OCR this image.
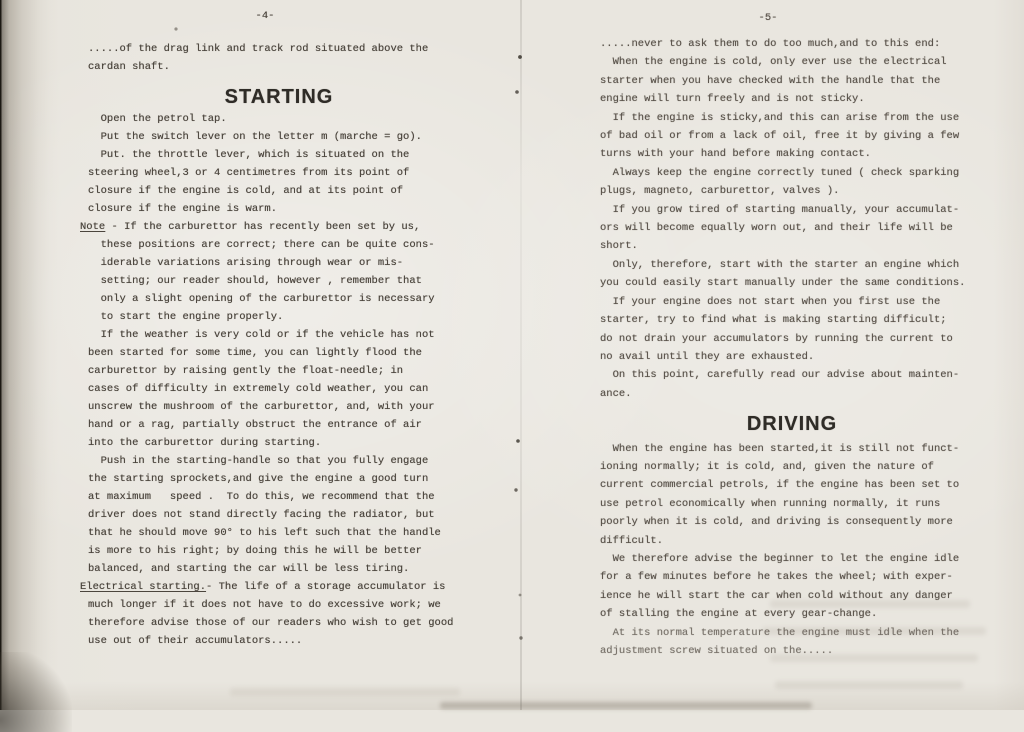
-4-	-5-
.....of the drag link and track rod situated above the
cardan shaft.
STARTING
Open the petrol tap.
Put the switch lever on the letter m (marche = go).
Put. the throttle lever, which is situated on the
steering wheel,3 or 4 centimetres from its point of
closure if the engine is cold, and at its point of
closure if the engine is warm.
Note - If the carburettor has recently been set by us,
these positions are correct; there can be quite cons-
iderable variations arising through wear or mis-
setting; our reader should, however , remember that
only a slight opening of the carburettor is necessary
to start the engine properly.
If the weather is very cold or if the vehicle has not
been started for some time, you can lightly flood the
carburettor by raising gently the float-needle; in
cases of difficulty in extremely cold weather, you can
unscrew the mushroom of the carburettor, and, with your
hand or a rag, partially obstruct the entrance of air
into the carburettor during starting.
Push in the starting-handle so that you fully engage
the starting sprockets,and give the engine a good turn
at maximum   speed .  To do this, we recommend that the
driver does not stand directly facing the radiator, but
that he should move 90° to his left such that the handle
is more to his right; by doing this he will be better
balanced, and starting the car will be less tiring.
Electrical starting.- The life of a storage accumulator is
much longer if it does not have to do excessive work; we
therefore advise those of our readers who wish to get good
use out of their accumulators.....
.....never to ask them to do too much,and to this end:
When the engine is cold, only ever use the electrical
starter when you have checked with the handle that the
engine will turn freely and is not sticky.
If the engine is sticky,and this can arise from the use
of bad oil or from a lack of oil, free it by giving a few
turns with your hand before making contact.
Always keep the engine correctly tuned ( check sparking
plugs, magneto, carburettor, valves ).
If you grow tired of starting manually, your accumulat-
ors will become equally worn out, and their life will be
short.
Only, therefore, start with the starter an engine which
you could easily start manually under the same conditions.
If your engine does not start when you first use the
starter, try to find what is making starting difficult;
do not drain your accumulators by running the current to
no avail until they are exhausted.
On this point, carefully read our advise about mainten-
ance.
DRIVING
When the engine has been started,it is still not funct-
ioning normally; it is cold, and, given the nature of
current commercial petrols, if the engine has been set to
use petrol economically when running normally, it runs
poorly when it is cold, and driving is consequently more
difficult.
We therefore advise the beginner to let the engine idle
for a few minutes before he takes the wheel; with exper-
ience he will start the car when cold without any danger
of stalling the engine at every gear-change.
At its normal temperature the engine must idle when the
adjustment screw situated on the.....
